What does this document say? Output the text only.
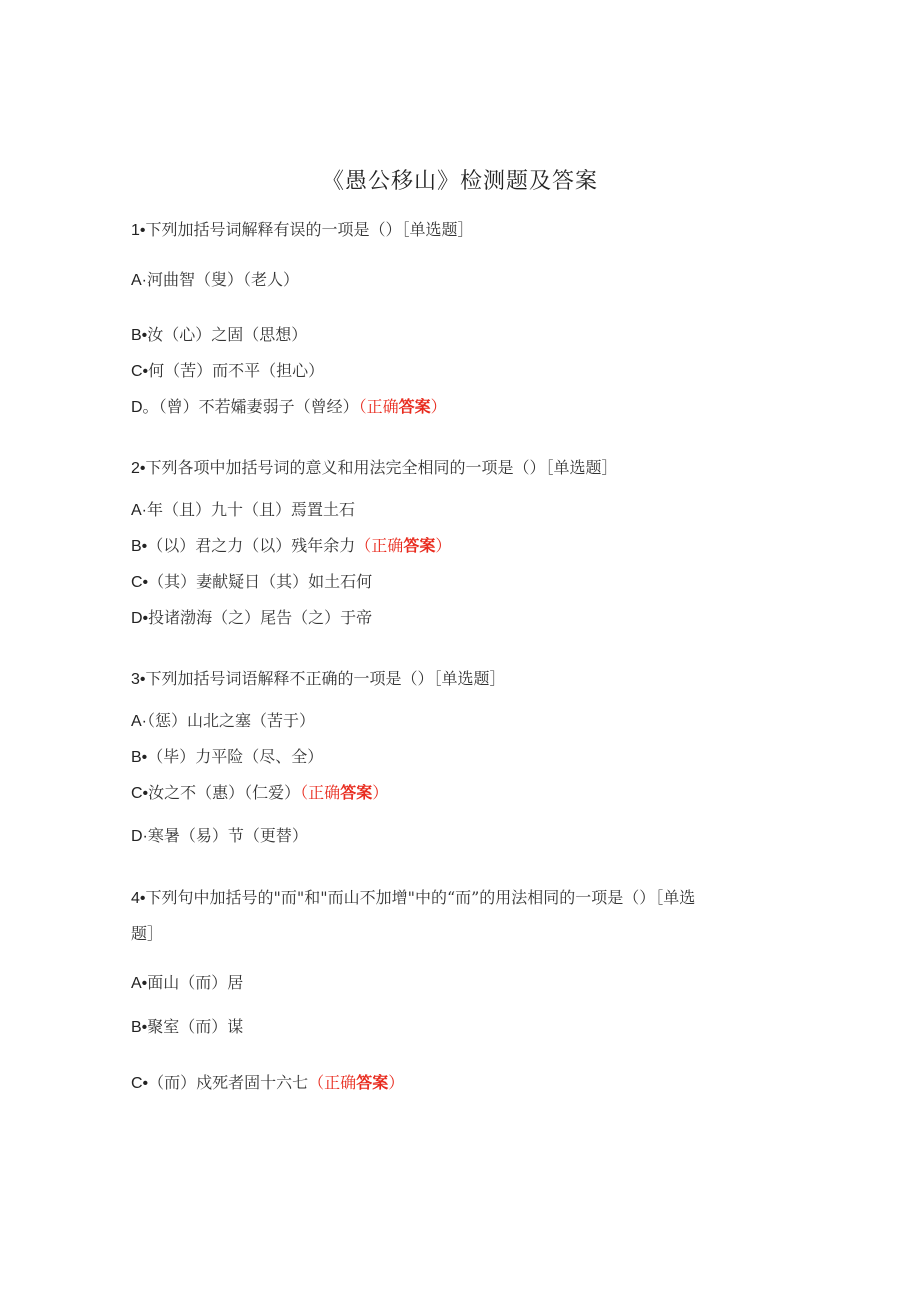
《愚公移山》检测题及答案
1•下列加括号词解释有误的一项是（）［单选题］
A·河曲智（叟）（老人）
B•汝（心）之固（思想）
C•何（苦）而不平（担心）
D。（曾）不若孀妻弱子（曾经）（正确答案）
2•下列各项中加括号词的意义和用法完全相同的一项是（）［单选题］
A·年（且）九十（且）焉置土石
B•（以）君之力（以）残年余力（正确答案）
C•（其）妻献疑日（其）如土石何
D•投诸渤海（之）尾告（之）于帝
3•下列加括号词语解释不正确的一项是（）［单选题］
A·（惩）山北之塞（苦于）
B•（毕）力平险（尽、全）
C•汝之不（惠）（仁爱）（正确答案）
D·寒暑（易）节（更替）
4•下列句中加括号的"而"和"而山不加增"中的“而”的用法相同的一项是（）［单选
题］
A•面山（而）居
B•聚室（而）谋
C•（而）戍死者固十六七（正确答案）
